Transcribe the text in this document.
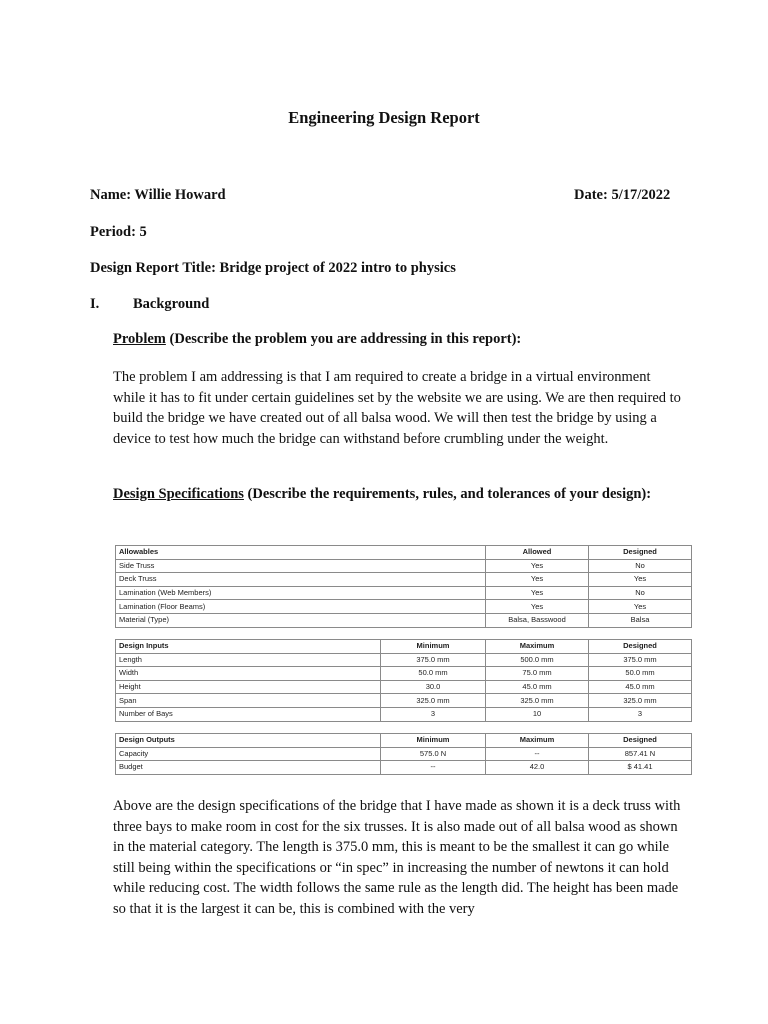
Engineering Design Report
Name: Willie Howard	Date: 5/17/2022
Period: 5
Design Report Title: Bridge project of 2022 intro to physics
I. Background
Problem (Describe the problem you are addressing in this report):
The problem I am addressing is that I am required to create a bridge in a virtual environment while it has to fit under certain guidelines set by the website we are using. We are then required to build the bridge we have created out of all balsa wood. We will then test the bridge by using a device to test how much the bridge can withstand before crumbling under the weight.
Design Specifications (Describe the requirements, rules, and tolerances of your design):
Allowables	Allowed	Designed
Side Truss	Yes	No
Deck Truss	Yes	Yes
Lamination (Web Members)	Yes	No
Lamination (Floor Beams)	Yes	Yes
Material (Type)	Balsa, Basswood	Balsa
Design Inputs	Minimum	Maximum	Designed
Length	375.0 mm	500.0 mm	375.0 mm
Width	50.0 mm	75.0 mm	50.0 mm
Height	30.0	45.0 mm	45.0 mm
Span	325.0 mm	325.0 mm	325.0 mm
Number of Bays	3	10	3
Design Outputs	Minimum	Maximum	Designed
Capacity	575.0 N	--	857.41 N
Budget	--	42.0	$ 41.41
Above are the design specifications of the bridge that I have made as shown it is a deck truss with three bays to make room in cost for the six trusses. It is also made out of all balsa wood as shown in the material category. The length is 375.0 mm, this is meant to be the smallest it can go while still being within the specifications or “in spec” in increasing the number of newtons it can hold while reducing cost. The width follows the same rule as the length did. The height has been made so that it is the largest it can be, this is combined with the very
